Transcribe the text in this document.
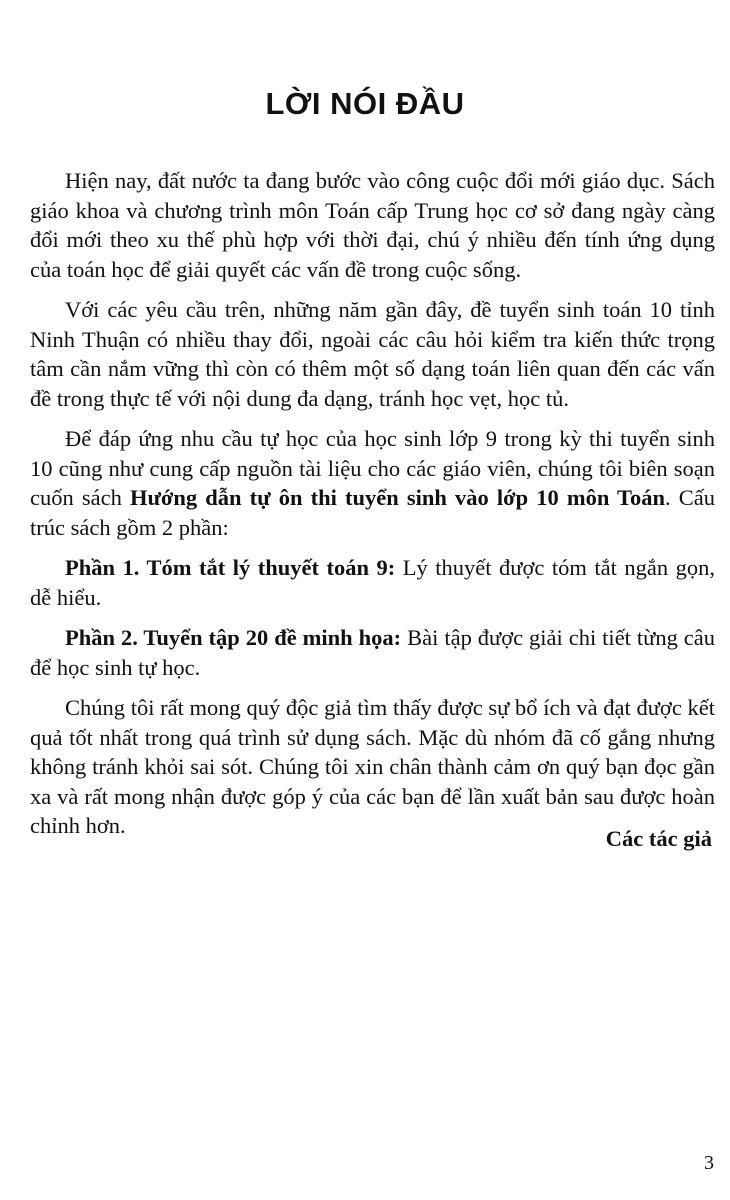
LỜI NÓI ĐẦU

Hiện nay, đất nước ta đang bước vào công cuộc đổi mới giáo dục. Sách giáo khoa và chương trình môn Toán cấp Trung học cơ sở đang ngày càng đổi mới theo xu thế phù hợp với thời đại, chú ý nhiều đến tính ứng dụng của toán học để giải quyết các vấn đề trong cuộc sống.

Với các yêu cầu trên, những năm gần đây, đề tuyển sinh toán 10 tỉnh Ninh Thuận có nhiều thay đổi, ngoài các câu hỏi kiểm tra kiến thức trọng tâm cần nắm vững thì còn có thêm một số dạng toán liên quan đến các vấn đề trong thực tế với nội dung đa dạng, tránh học vẹt, học tủ.

Để đáp ứng nhu cầu tự học của học sinh lớp 9 trong kỳ thi tuyển sinh 10 cũng như cung cấp nguồn tài liệu cho các giáo viên, chúng tôi biên soạn cuốn sách Hướng dẫn tự ôn thi tuyển sinh vào lớp 10 môn Toán. Cấu trúc sách gồm 2 phần:

Phần 1. Tóm tắt lý thuyết toán 9: Lý thuyết được tóm tắt ngắn gọn, dễ hiểu.

Phần 2. Tuyển tập 20 đề minh họa: Bài tập được giải chi tiết từng câu để học sinh tự học.

Chúng tôi rất mong quý độc giả tìm thấy được sự bổ ích và đạt được kết quả tốt nhất trong quá trình sử dụng sách. Mặc dù nhóm đã cố gắng nhưng không tránh khỏi sai sót. Chúng tôi xin chân thành cảm ơn quý bạn đọc gần xa và rất mong nhận được góp ý của các bạn để lần xuất bản sau được hoàn chỉnh hơn.

Các tác giả
3
